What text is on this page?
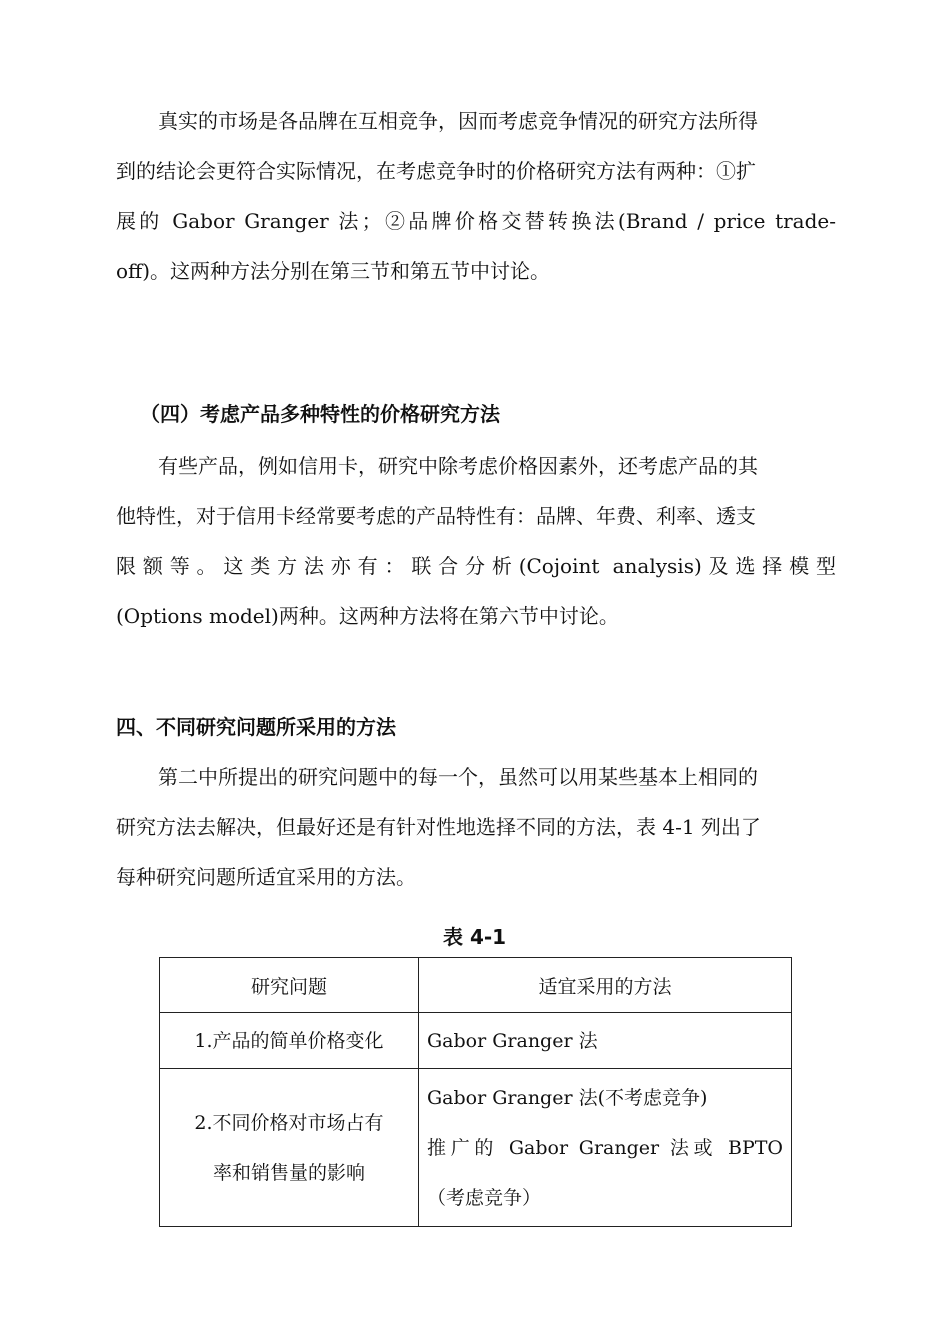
真实的市场是各品牌在互相竞争，因而考虑竞争情况的研究方法所得
到的结论会更符合实际情况，在考虑竞争时的价格研究方法有两种：①扩
展的 Gabor Granger 法；②品牌价格交替转换法(Brand / price trade-
off)。这两种方法分别在第三节和第五节中讨论。

（四）考虑产品多种特性的价格研究方法

有些产品，例如信用卡，研究中除考虑价格因素外，还考虑产品的其
他特性，对于信用卡经常要考虑的产品特性有：品牌、年费、利率、透支
限额等。这类方法亦有：联合分析(Cojoint analysis)及选择模型
(Options model)两种。这两种方法将在第六节中讨论。

四、不同研究问题所采用的方法

第二中所提出的研究问题中的每一个，虽然可以用某些基本上相同的
研究方法去解决，但最好还是有针对性地选择不同的方法，表 4-1 列出了
每种研究问题所适宜采用的方法。

表 4-1
研究问题	适宜采用的方法

1.产品的简单价格变化	Gabor Granger 法

2.不同价格对市场占有
率和销售量的影响	Gabor Granger 法(不考虑竞争)
推广的 Gabor Granger 法或 BPTO
（考虑竞争）
